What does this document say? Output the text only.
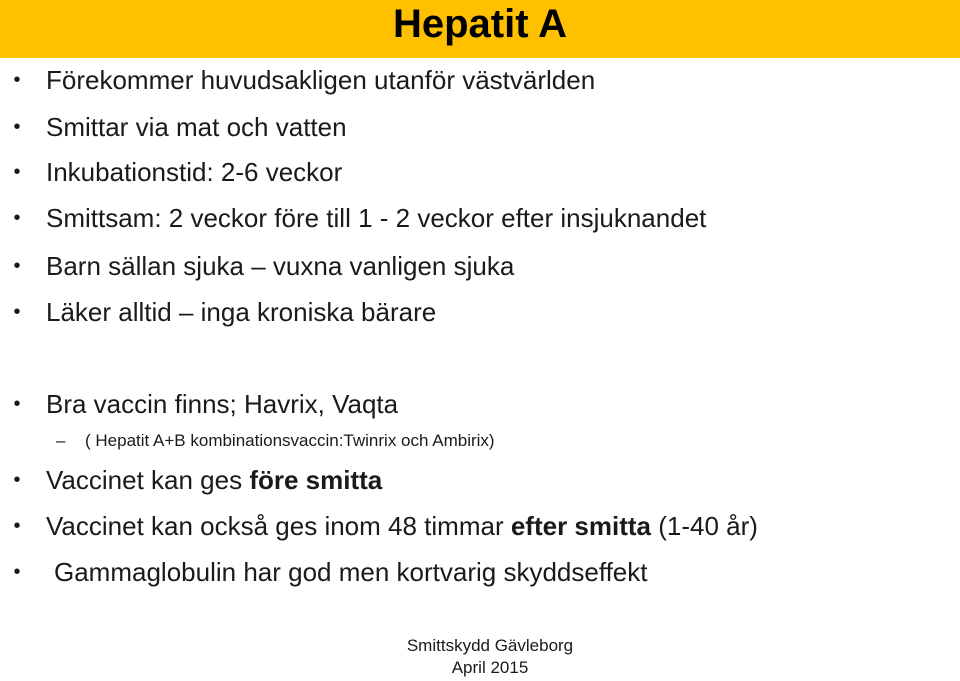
Hepatit A
• Förekommer huvudsakligen utanför västvärlden
• Smittar via mat och vatten
• Inkubationstid: 2-6 veckor
• Smittsam: 2 veckor före till 1 - 2 veckor efter insjuknandet
• Barn sällan sjuka – vuxna vanligen sjuka
• Läker alltid – inga kroniska bärare
• Bra vaccin finns; Havrix, Vaqta
– ( Hepatit A+B kombinationsvaccin:Twinrix och Ambirix)
• Vaccinet kan ges före smitta
• Vaccinet kan också ges inom 48 timmar efter smitta (1-40 år)
• Gammaglobulin har god men kortvarig skyddseffekt
Smittskydd Gävleborg
April 2015
